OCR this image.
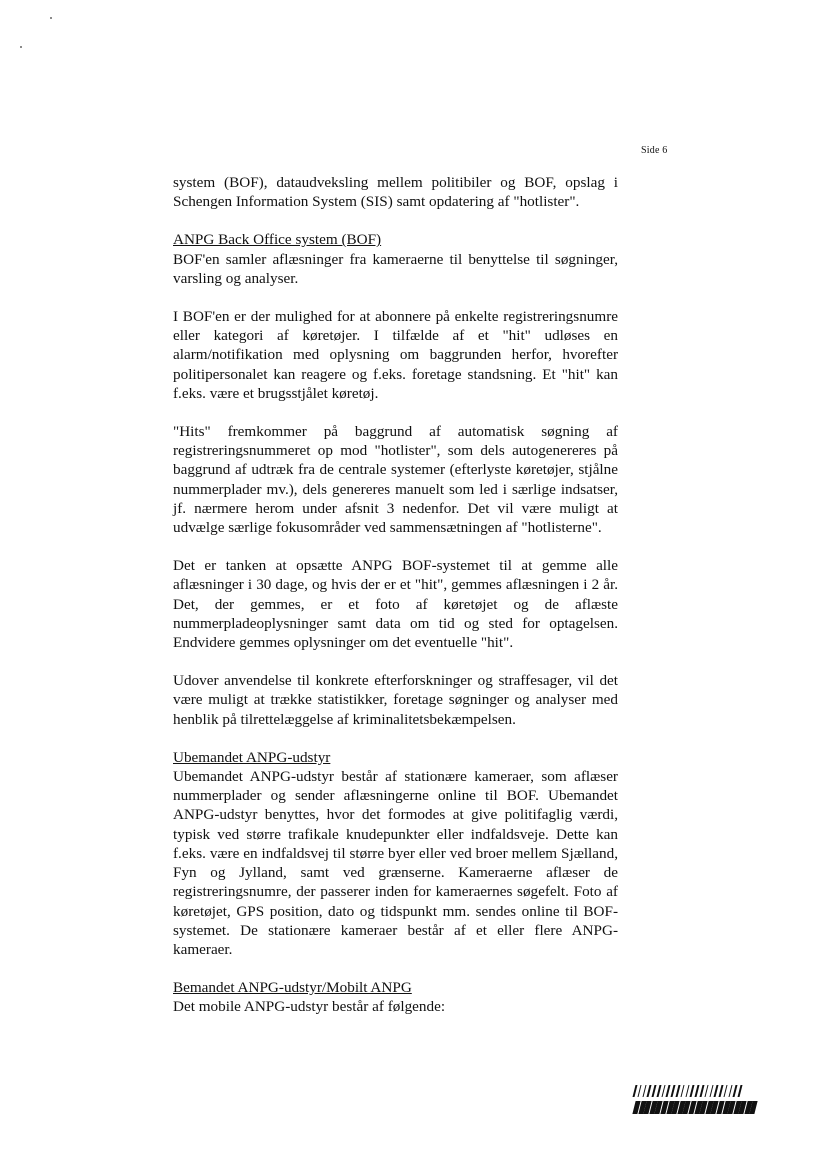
Side 6

system (BOF), dataudveksling mellem politibiler og BOF, opslag i Schengen Information System (SIS) samt opdatering af "hotlister".

ANPG Back Office system (BOF)

BOF'en samler aflæsninger fra kameraerne til benyttelse til søgninger, varsling og analyser.

I BOF'en er der mulighed for at abonnere på enkelte registreringsnumre eller kategori af køretøjer. I tilfælde af et "hit" udløses en alarm/notifikation med oplysning om baggrunden herfor, hvorefter politipersonalet kan reagere og f.eks. foretage standsning. Et "hit" kan f.eks. være et brugsstjålet køretøj.

"Hits" fremkommer på baggrund af automatisk søgning af registreringsnummeret op mod "hotlister", som dels autogenereres på baggrund af udtræk fra de centrale systemer (efterlyste køretøjer, stjålne nummerplader mv.), dels genereres manuelt som led i særlige indsatser, jf. nærmere herom under afsnit 3 nedenfor. Det vil være muligt at udvælge særlige fokusområder ved sammensætningen af "hotlisterne".

Det er tanken at opsætte ANPG BOF-systemet til at gemme alle aflæsninger i 30 dage, og hvis der er et "hit", gemmes aflæsningen i 2 år. Det, der gemmes, er et foto af køretøjet og de aflæste nummerpladeoplysninger samt data om tid og sted for optagelsen. Endvidere gemmes oplysninger om det eventuelle "hit".

Udover anvendelse til konkrete efterforskninger og straffesager, vil det være muligt at trække statistikker, foretage søgninger og analyser med henblik på tilrettelæggelse af kriminalitetsbekæmpelsen.

Ubemandet ANPG-udstyr

Ubemandet ANPG-udstyr består af stationære kameraer, som aflæser nummerplader og sender aflæsningerne online til BOF. Ubemandet ANPG-udstyr benyttes, hvor det formodes at give politifaglig værdi, typisk ved større trafikale knudepunkter eller indfaldsveje. Dette kan f.eks. være en indfaldsvej til større byer eller ved broer mellem Sjælland, Fyn og Jylland, samt ved grænserne. Kameraerne aflæser de registreringsnumre, der passerer inden for kameraernes søgefelt. Foto af køretøjet, GPS position, dato og tidspunkt mm. sendes online til BOF-systemet. De stationære kameraer består af et eller flere ANPG-kameraer.

Bemandet ANPG-udstyr/Mobilt ANPG

Det mobile ANPG-udstyr består af følgende:
